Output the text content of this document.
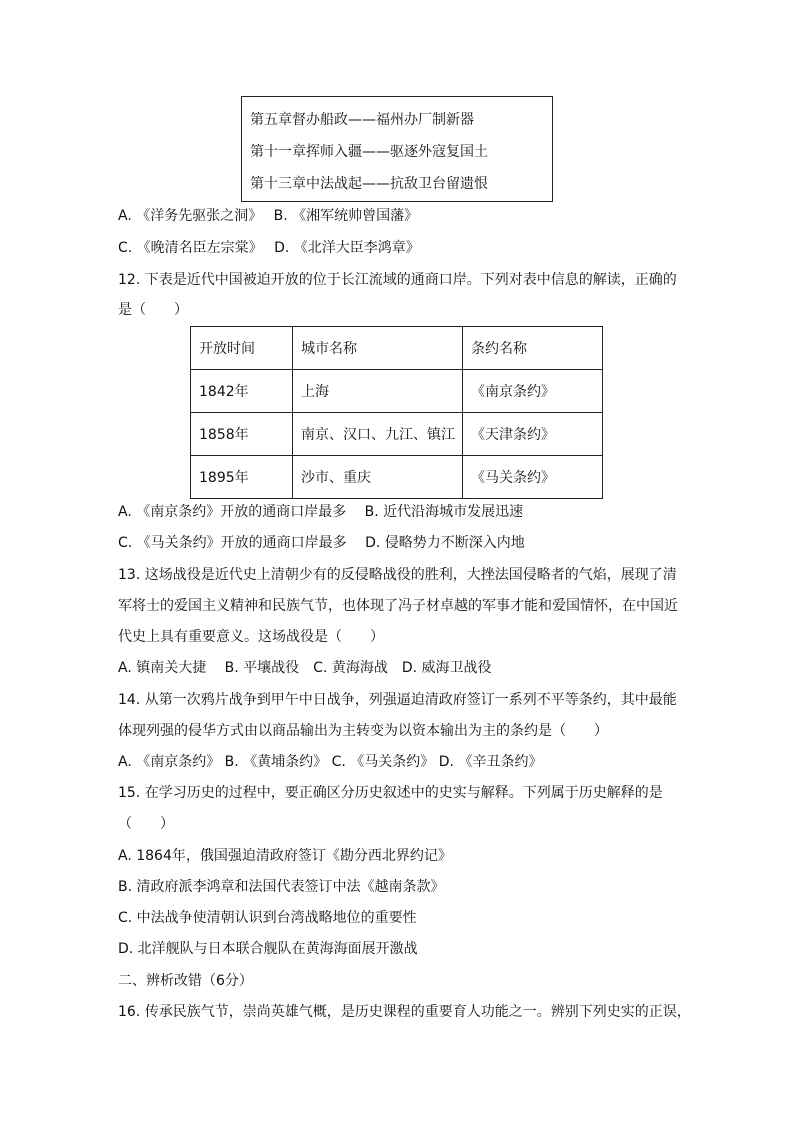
第五章督办船政——福州办厂制新器
第十一章挥师入疆——驱逐外寇复国土
第十三章中法战起——抗敌卫台留遗恨
A. 《洋务先驱张之洞》　 B. 《湘军统帅曾国藩》
C. 《晚清名臣左宗棠》　 D. 《北洋大臣李鸿章》
12. 下表是近代中国被迫开放的位于长江流域的通商口岸。下列对表中信息的解读，正确的
是（　　）
开放时间	城市名称	条约名称
1842年	上海	《南京条约》
1858年	南京、汉口、九江、镇江	《天津条约》
1895年	沙市、重庆	《马关条约》
A. 《南京条约》开放的通商口岸最多　 B. 近代沿海城市发展迅速
C. 《马关条约》开放的通商口岸最多　 D. 侵略势力不断深入内地
13. 这场战役是近代史上清朝少有的反侵略战役的胜利，大挫法国侵略者的气焰，展现了清
军将士的爱国主义精神和民族气节，也体现了冯子材卓越的军事才能和爱国情怀，在中国近
代史上具有重要意义。这场战役是（　　）
A. 镇南关大捷　 B. 平壤战役　C. 黄海海战　D. 威海卫战役
14. 从第一次鸦片战争到甲午中日战争，列强逼迫清政府签订一系列不平等条约，其中最能
体现列强的侵华方式由以商品输出为主转变为以资本输出为主的条约是（　　）
A. 《南京条约》 B. 《黄埔条约》 C. 《马关条约》 D. 《辛丑条约》
15. 在学习历史的过程中，要正确区分历史叙述中的史实与解释。下列属于历史解释的是
（　　）
A. 1864年，俄国强迫清政府签订《勘分西北界约记》
B. 清政府派李鸿章和法国代表签订中法《越南条款》
C. 中法战争使清朝认识到台湾战略地位的重要性
D. 北洋舰队与日本联合舰队在黄海海面展开激战
二、辨析改错（6分）
16. 传承民族气节，崇尚英雄气概，是历史课程的重要育人功能之一。辨别下列史实的正误，
